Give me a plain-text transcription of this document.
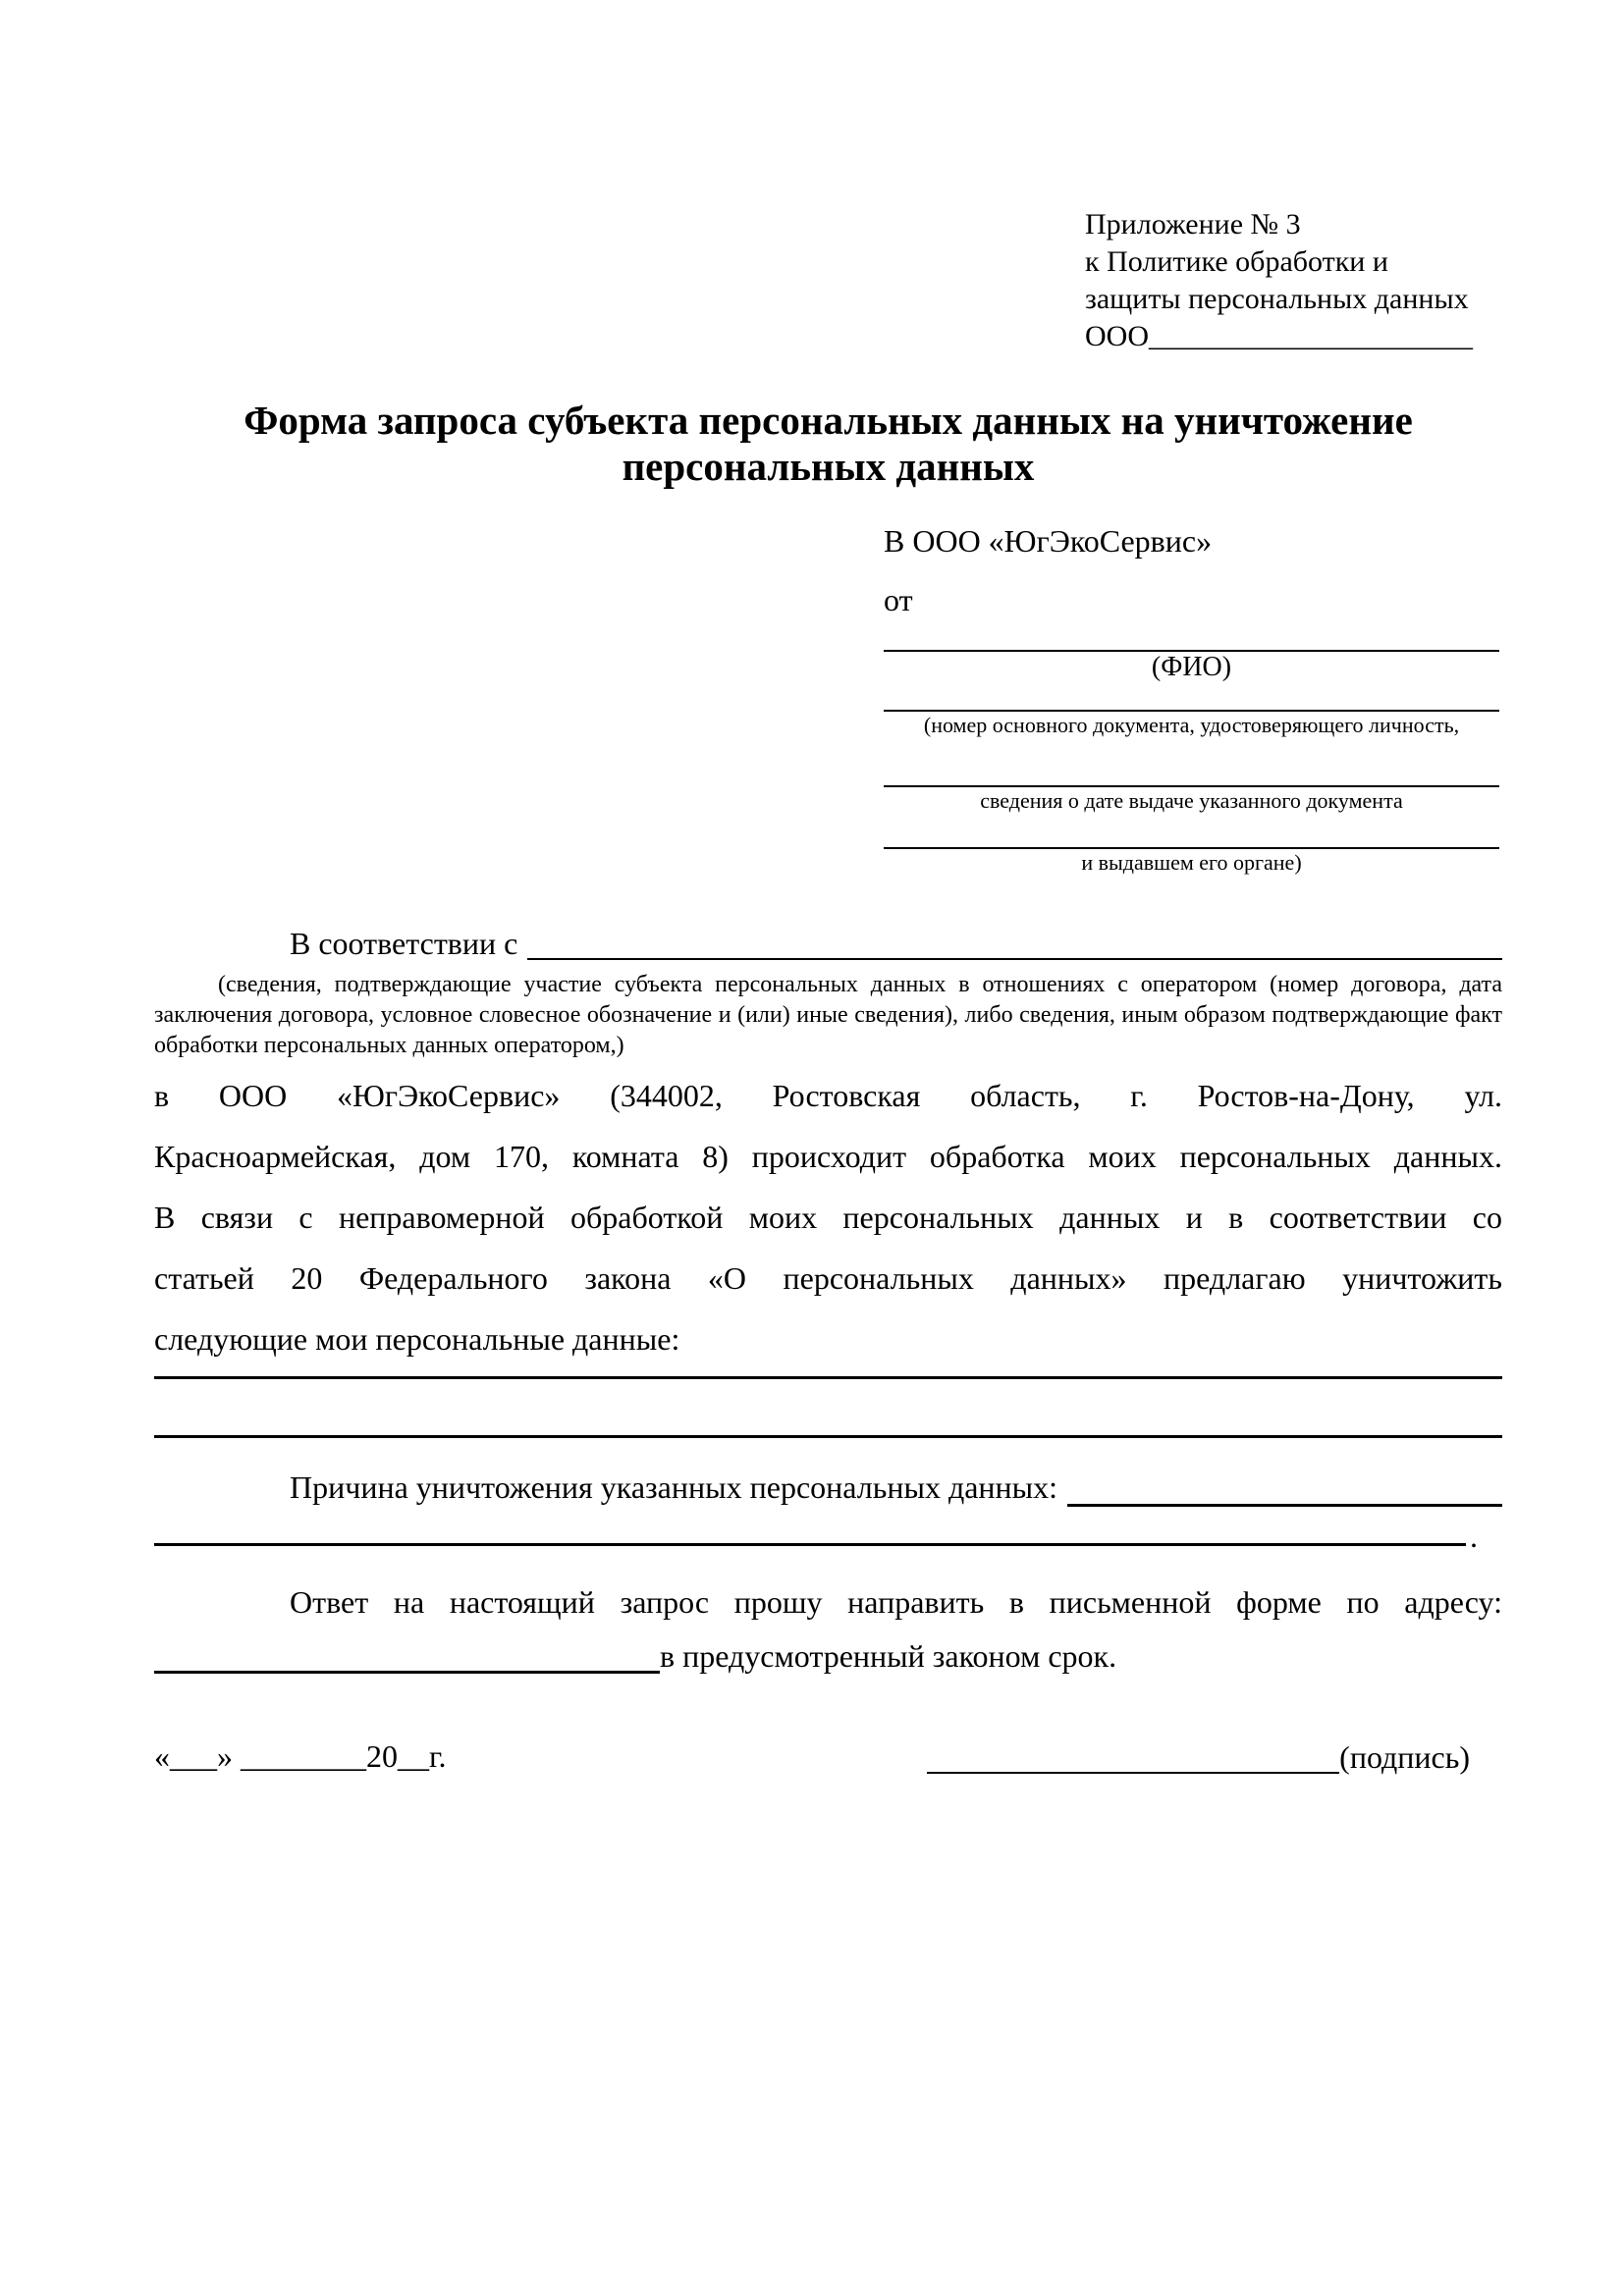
Приложение № 3
к Политике обработки и
защиты персональных данных
ООО______________________
Форма запроса субъекта персональных данных на уничтожение
персональных данных
В ООО «ЮгЭкоСервис»
от
(ФИО)
(номер основного документа, удостоверяющего личность,
сведения о дате выдаче указанного документа
и выдавшем его органе)
В соответствии с
(сведения, подтверждающие участие субъекта персональных данных в отношениях с оператором (номер договора, дата
заключения договора, условное словесное обозначение и (или) иные сведения), либо сведения, иным образом подтверждающие факт
обработки персональных данных оператором,)
в ООО «ЮгЭкоСервис» (344002, Ростовская область, г. Ростов-на-Дону, ул.
Красноармейская, дом 170, комната 8) происходит обработка моих персональных данных.
В связи с неправомерной обработкой моих персональных данных и в соответствии со
статьей 20 Федерального закона «О персональных данных» предлагаю уничтожить
следующие мои персональные данные:
Причина уничтожения указанных персональных данных:
.
Ответ на настоящий запрос прошу направить в письменной форме по адресу:
в предусмотренный законом срок.
«___» ________20__г.	(подпись)
